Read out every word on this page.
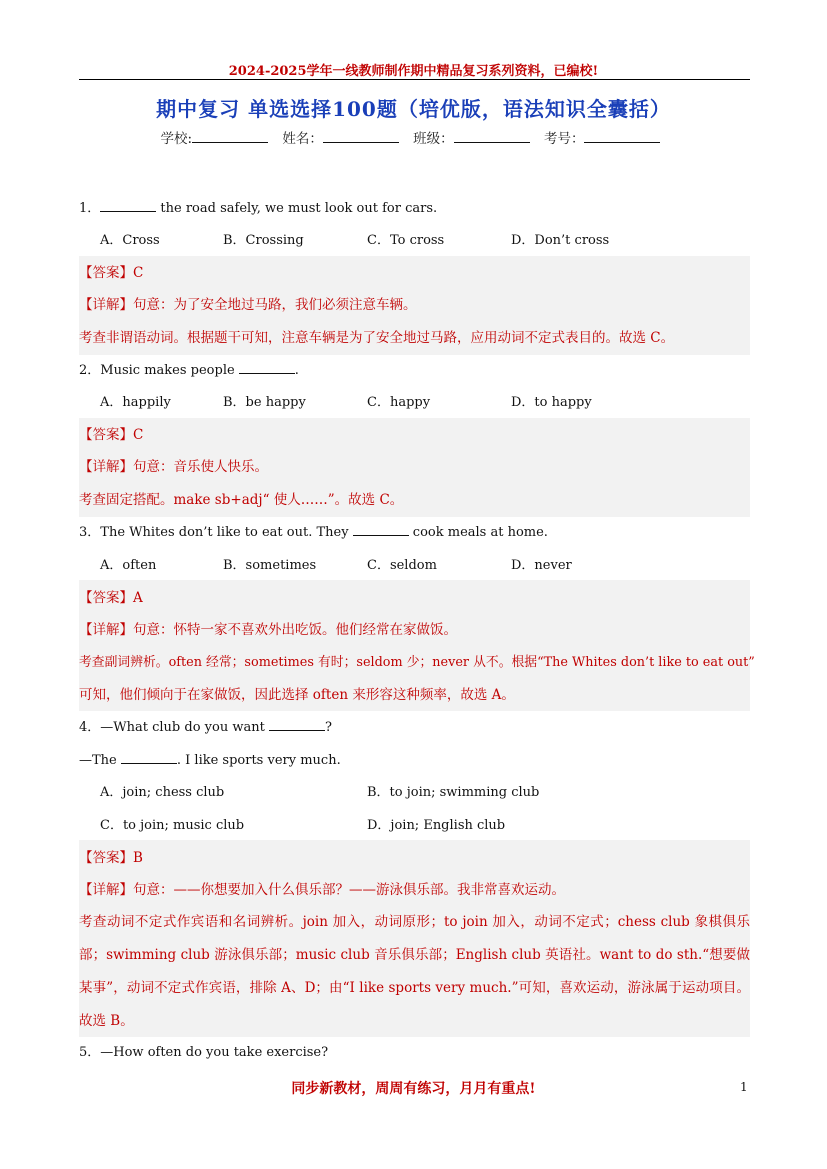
2024-2025学年一线教师制作期中精品复习系列资料，已编校!
期中复习 单选选择100题（培优版，语法知识全囊括）
学校:	姓名：	班级：	考号：
1．	the road safely, we must look out for cars.
A．Cross	B．Crossing	C．To cross	D．Don’t cross
【答案】C
【详解】句意：为了安全地过马路，我们必须注意车辆。
考查非谓语动词。根据题干可知，注意车辆是为了安全地过马路，应用动词不定式表目的。故选 C。
2．Music makes people	.
A．happily	B．be happy	C．happy	D．to happy
【答案】C
【详解】句意：音乐使人快乐。
考查固定搭配。make sb+adj“ 使人……”。故选 C。
3．The Whites don’t like to eat out. They	cook meals at home.
A．often	B．sometimes	C．seldom	D．never
【答案】A
【详解】句意：怀特一家不喜欢外出吃饭。他们经常在家做饭。
考查副词辨析。often 经常；sometimes 有时；seldom 少；never 从不。根据“The Whites don’t like to eat out”
可知，他们倾向于在家做饭，因此选择 often 来形容这种频率，故选 A。
4．—What club do you want	?
—The	. I like sports very much.
A．join; chess club	B．to join; swimming club
C．to join; music club	D．join; English club
【答案】B
【详解】句意：——你想要加入什么俱乐部？——游泳俱乐部。我非常喜欢运动。
考查动词不定式作宾语和名词辨析。join 加入，动词原形；to join 加入，动词不定式；chess club 象棋俱乐部；swimming club 游泳俱乐部；music club 音乐俱乐部；English club 英语社。want to do sth.“想要做某事”，动词不定式作宾语，排除 A、D；由“I like sports very much.”可知，喜欢运动，游泳属于运动项目。故选 B。
5．—How often do you take exercise?
同步新教材，周周有练习，月月有重点!	1
